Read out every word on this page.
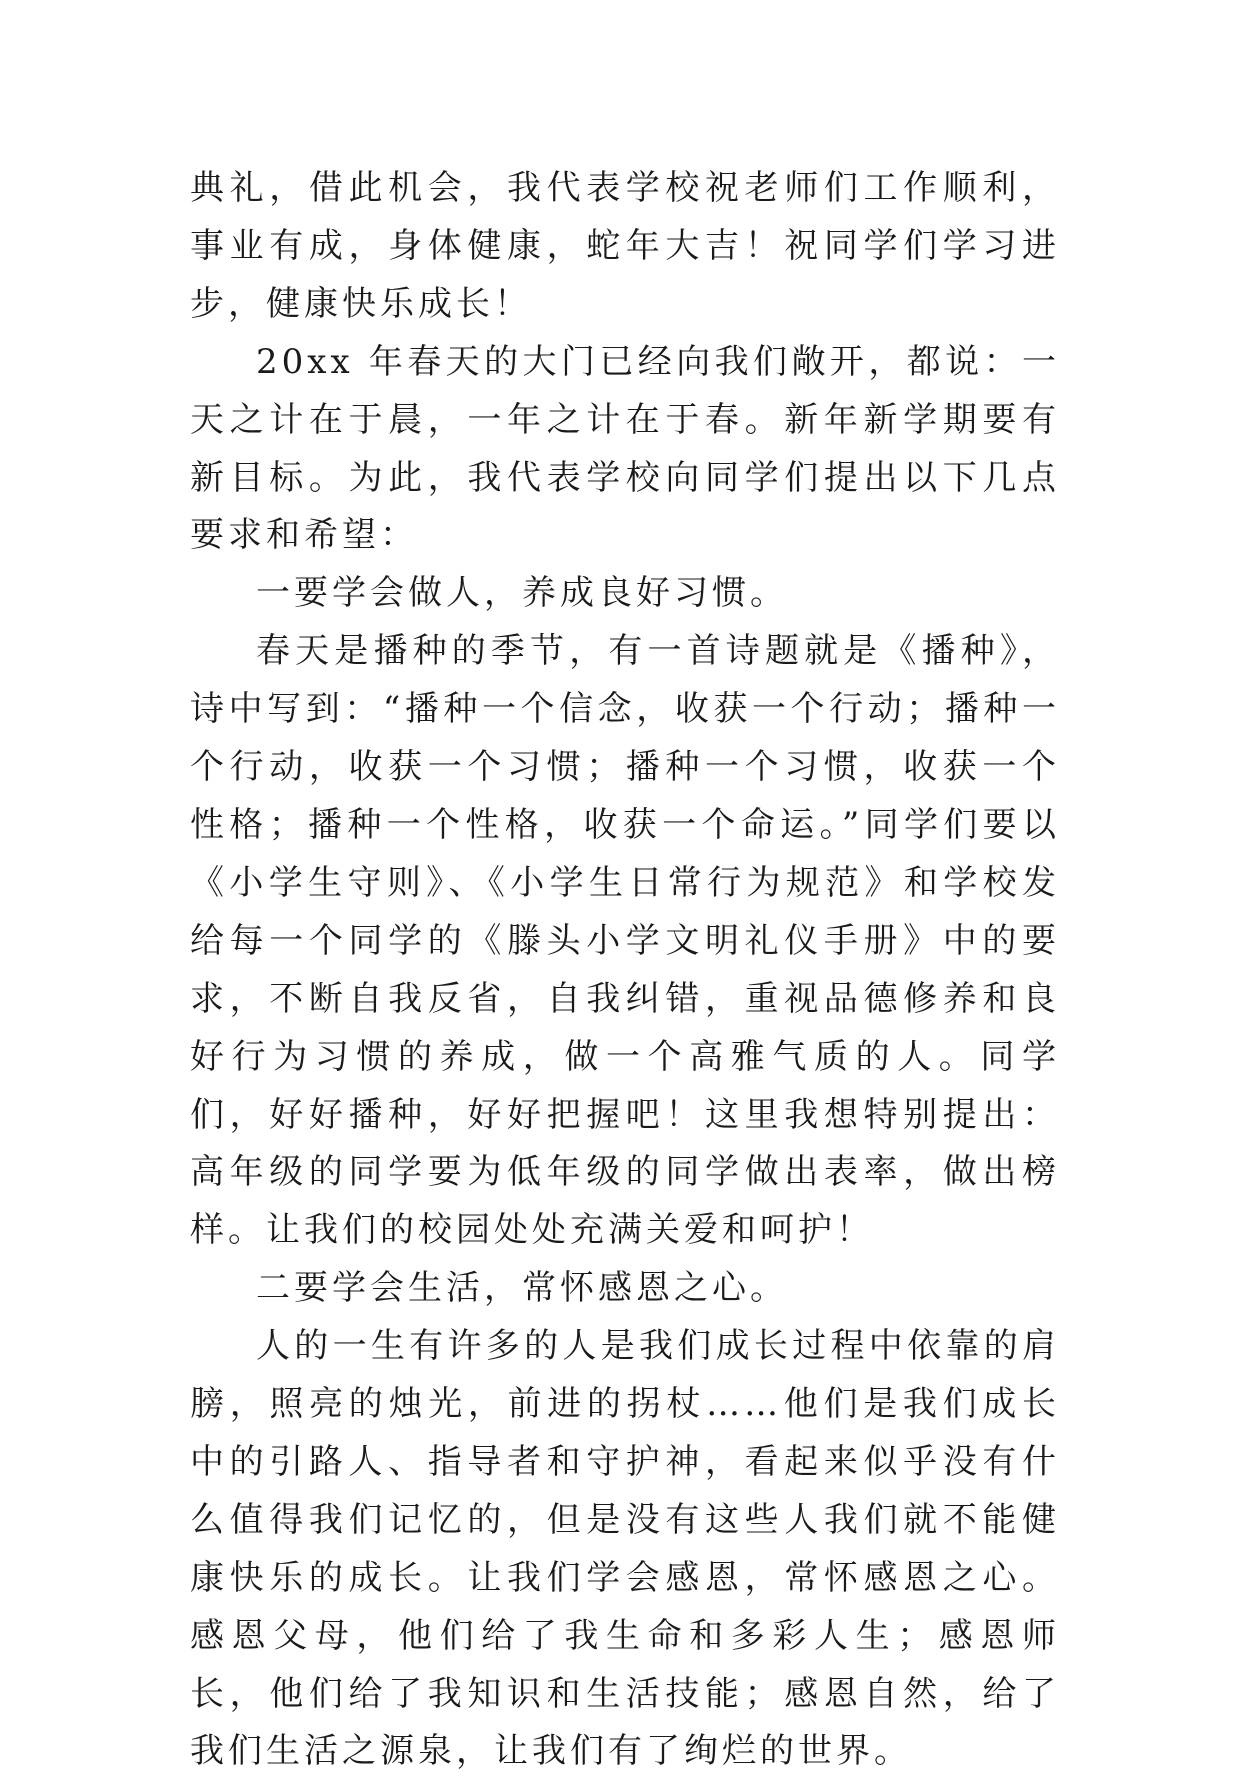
典礼，借此机会，我代表学校祝老师们工作顺利，事业有成，身体健康，蛇年大吉！祝同学们学习进步，健康快乐成长！

20xx 年春天的大门已经向我们敞开，都说：一天之计在于晨，一年之计在于春。新年新学期要有新目标。为此，我代表学校向同学们提出以下几点要求和希望：

一要学会做人，养成良好习惯。

春天是播种的季节，有一首诗题就是《播种》，诗中写到：“播种一个信念，收获一个行动；播种一个行动，收获一个习惯；播种一个习惯，收获一个性格；播种一个性格，收获一个命运。”同学们要以《小学生守则》、《小学生日常行为规范》和学校发给每一个同学的《滕头小学文明礼仪手册》中的要求，不断自我反省，自我纠错，重视品德修养和良好行为习惯的养成，做一个高雅气质的人。同学们，好好播种，好好把握吧！这里我想特别提出：高年级的同学要为低年级的同学做出表率，做出榜样。让我们的校园处处充满关爱和呵护！

二要学会生活，常怀感恩之心。

人的一生有许多的人是我们成长过程中依靠的肩膀，照亮的烛光，前进的拐杖……他们是我们成长中的引路人、指导者和守护神，看起来似乎没有什么值得我们记忆的，但是没有这些人我们就不能健康快乐的成长。让我们学会感恩，常怀感恩之心。感恩父母，他们给了我生命和多彩人生；感恩师长，他们给了我知识和生活技能；感恩自然，给了我们生活之源泉，让我们有了绚烂的世界。
